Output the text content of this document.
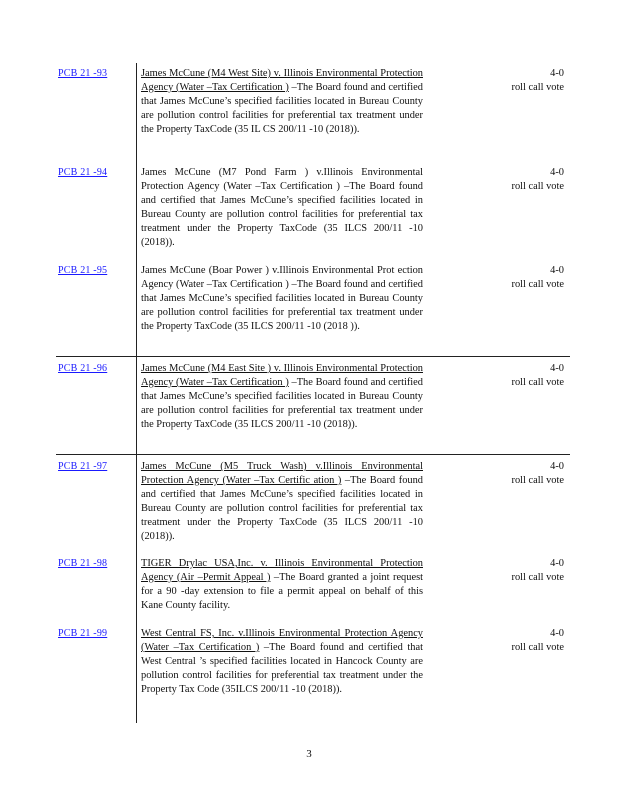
PCB 21 -93	James McCune (M4 West Site) v. Illinois Environmental Protection Agency (Water –Tax Certification ) –The Board found and certified that James McCune’s specified facilities located in Bureau County are pollution control facilities for preferential tax treatment under the Property TaxCode (35 IL CS 200/11 -10 (2018)).
4-0
roll call vote
PCB 21 -94	James McCune (M7 Pond Farm ) v.Illinois Environmental Protection Agency (Water –Tax Certification ) –The Board found and certified that James McCune’s specified facilities located in Bureau County are pollution control facilities for preferential tax treatment under the Property TaxCode (35 ILCS 200/11 -10 (2018)).
4-0
roll call vote
PCB 21 -95	James McCune (Boar Power ) v.Illinois Environmental Prot ection Agency (Water –Tax Certification ) –The Board found and certified that James McCune’s specified facilities located in Bureau County are pollution control facilities for preferential tax treatment under the Property TaxCode (35 ILCS 200/11 -10 (2018 )).
4-0
roll call vote
PCB 21 -96	James McCune (M4 East Site ) v. Illinois Environmental Protection Agency (Water –Tax Certification ) –The Board found and certified that James McCune’s specified facilities located in Bureau County are pollution control facilities for preferential tax treatment under the Property TaxCode (35 ILCS 200/11 -10 (2018)).
4-0
roll call vote
PCB 21 -97	James McCune (M5 Truck Wash) v.Illinois Environmental Protection Agency (Water –Tax Certific ation ) –The Board found and certified that James McCune’s specified facilities located in Bureau County are pollution control facilities for preferential tax treatment under the Property TaxCode (35 ILCS 200/11 -10 (2018)).
4-0
roll call vote
PCB 21 -98	TIGER Drylac USA,Inc. v. Illinois Environmental Protection Agency (Air –Permit Appeal ) –The Board granted a joint request for a 90 -day extension to file a permit appeal on behalf of this Kane County facility.
4-0
roll call vote
PCB 21 -99	West Central FS, Inc. v.Illinois Environmental Protection Agency (Water –Tax Certification ) –The Board found and certified that West Central ’s specified facilities located in Hancock County are pollution control facilities for preferential tax treatment under the Property Tax Code (35ILCS 200/11 -10 (2018)).
4-0
roll call vote
3
